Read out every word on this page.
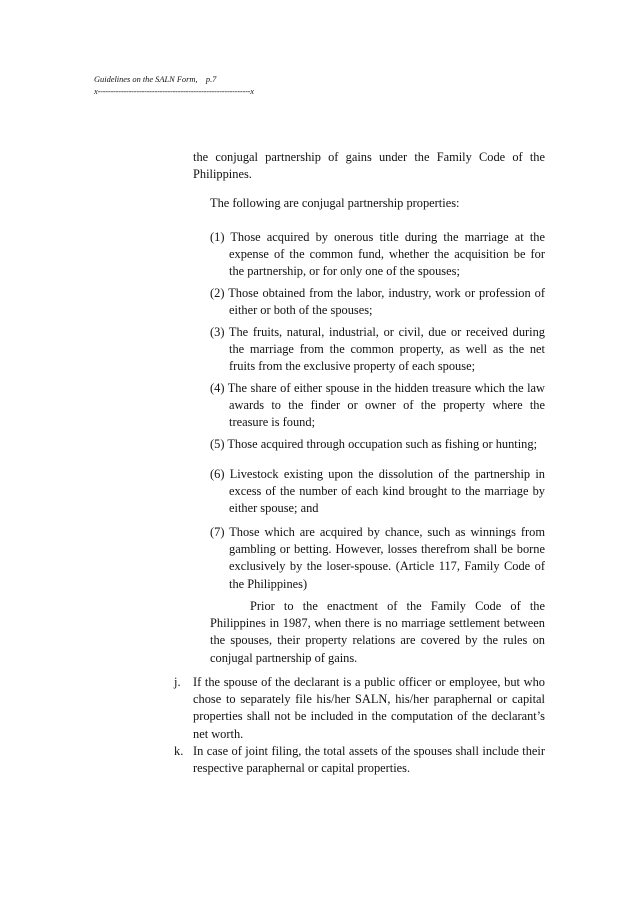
Guidelines on the SALN Form,    p.7
x-----------------------------------------------------------x

the conjugal partnership of gains under the Family Code of the Philippines.

The following are conjugal partnership properties:

(1) Those acquired by onerous title during the marriage at the expense of the common fund, whether the acquisition be for the partnership, or for only one of the spouses;

(2) Those obtained from the labor, industry, work or profession of either or both of the spouses;

(3) The fruits, natural, industrial, or civil, due or received during the marriage from the common property, as well as the net fruits from the exclusive property of each spouse;

(4) The share of either spouse in the hidden treasure which the law awards to the finder or owner of the property where the treasure is found;

(5) Those acquired through occupation such as fishing or hunting;

(6) Livestock existing upon the dissolution of the partnership in excess of the number of each kind brought to the marriage by either spouse; and

(7) Those which are acquired by chance, such as winnings from gambling or betting. However, losses therefrom shall be borne exclusively by the loser-spouse. (Article 117, Family Code of the Philippines)

Prior to the enactment of the Family Code of the Philippines in 1987, when there is no marriage settlement between the spouses, their property relations are covered by the rules on conjugal partnership of gains.

j. If the spouse of the declarant is a public officer or employee, but who chose to separately file his/her SALN, his/her paraphernal or capital properties shall not be included in the computation of the declarant’s net worth.
k. In case of joint filing, the total assets of the spouses shall include their respective paraphernal or capital properties.
